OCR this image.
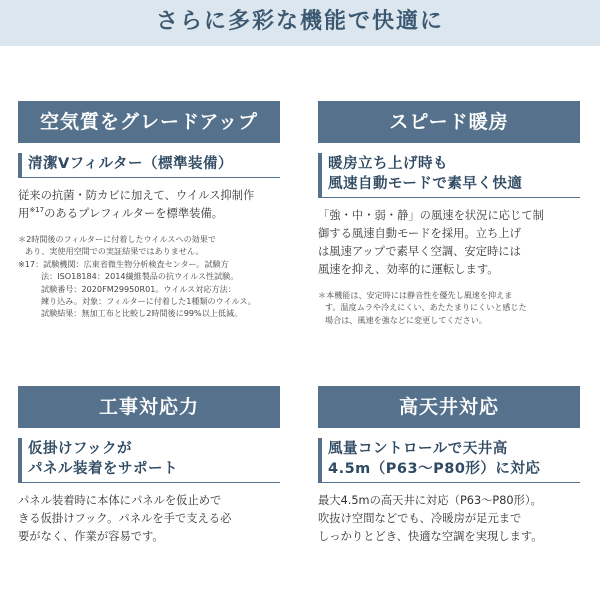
さらに多彩な機能で快適に
空気質をグレードアップ
清潔Vフィルター（標準装備）
従来の抗菌・防カビに加えて、ウイルス抑制作
用$^{※17}$のあるプレフィルターを標準装備。
＊2時間後のフィルターに付着したウイルスへの効果で
あり、実使用空間での実証結果ではありません。
※17：試験機関：広東省微生物分析検査センター。試験方
法：ISO18184：2014繊維製品の抗ウイルス性試験。
試験番号：2020FM29950R01。ウイルス対応方法：
練り込み。対象：フィルターに付着した1種類のウイルス。
試験結果：無加工布と比較し2時間後に99%以上低減。
スピード暖房
暖房立ち上げ時も
風速自動モードで素早く快適
「強・中・弱・静」の風速を状況に応じて制
御する風速自動モードを採用。立ち上げ
は風速アップで素早く空調、安定時には
風速を抑え、効率的に運転します。
＊本機能は、安定時には静音性を優先し風速を抑えま
す。温度ムラや冷えにくい、あたたまりにくいと感じた
場合は、風速を強などに変更してください。
工事対応力
仮掛けフックが
パネル装着をサポート
パネル装着時に本体にパネルを仮止めで
きる仮掛けフック。パネルを手で支える必
要がなく、作業が容易です。
高天井対応
風量コントロールで天井高
4.5m（P63～P80形）に対応
最大4.5mの高天井に対応（P63～P80形）。
吹抜け空間などでも、冷暖房が足元まで
しっかりとどき、快適な空調を実現します。
